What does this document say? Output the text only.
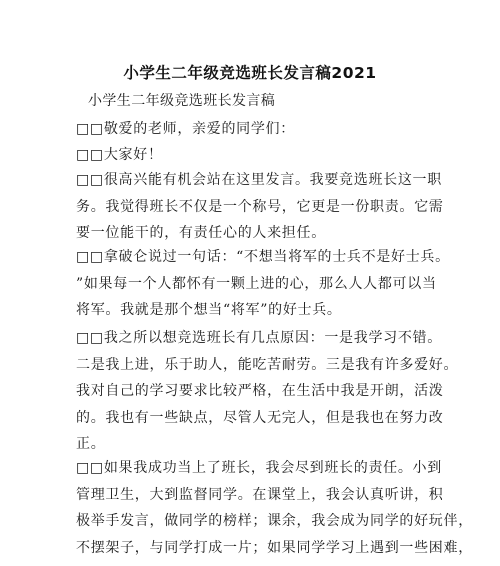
小学生二年级竞选班长发言稿2021
小学生二年级竞选班长发言稿
□□敬爱的老师，亲爱的同学们：
□□大家好！
□□很高兴能有机会站在这里发言。我要竞选班长这一职
务。我觉得班长不仅是一个称号，它更是一份职责。它需
要一位能干的，有责任心的人来担任。
□□拿破仑说过一句话：“不想当将军的士兵不是好士兵。
”如果每一个人都怀有一颗上进的心，那么人人都可以当
将军。我就是那个想当“将军”的好士兵。
□□我之所以想竞选班长有几点原因：一是我学习不错。
二是我上进，乐于助人，能吃苦耐劳。三是我有许多爱好。
我对自己的学习要求比较严格，在生活中我是开朗，活泼
的。我也有一些缺点，尽管人无完人，但是我也在努力改
正。
□□如果我成功当上了班长，我会尽到班长的责任。小到
管理卫生，大到监督同学。在课堂上，我会认真听讲，积
极举手发言，做同学的榜样；课余，我会成为同学的好玩伴，
不摆架子，与同学打成一片；如果同学学习上遇到一些困难，
